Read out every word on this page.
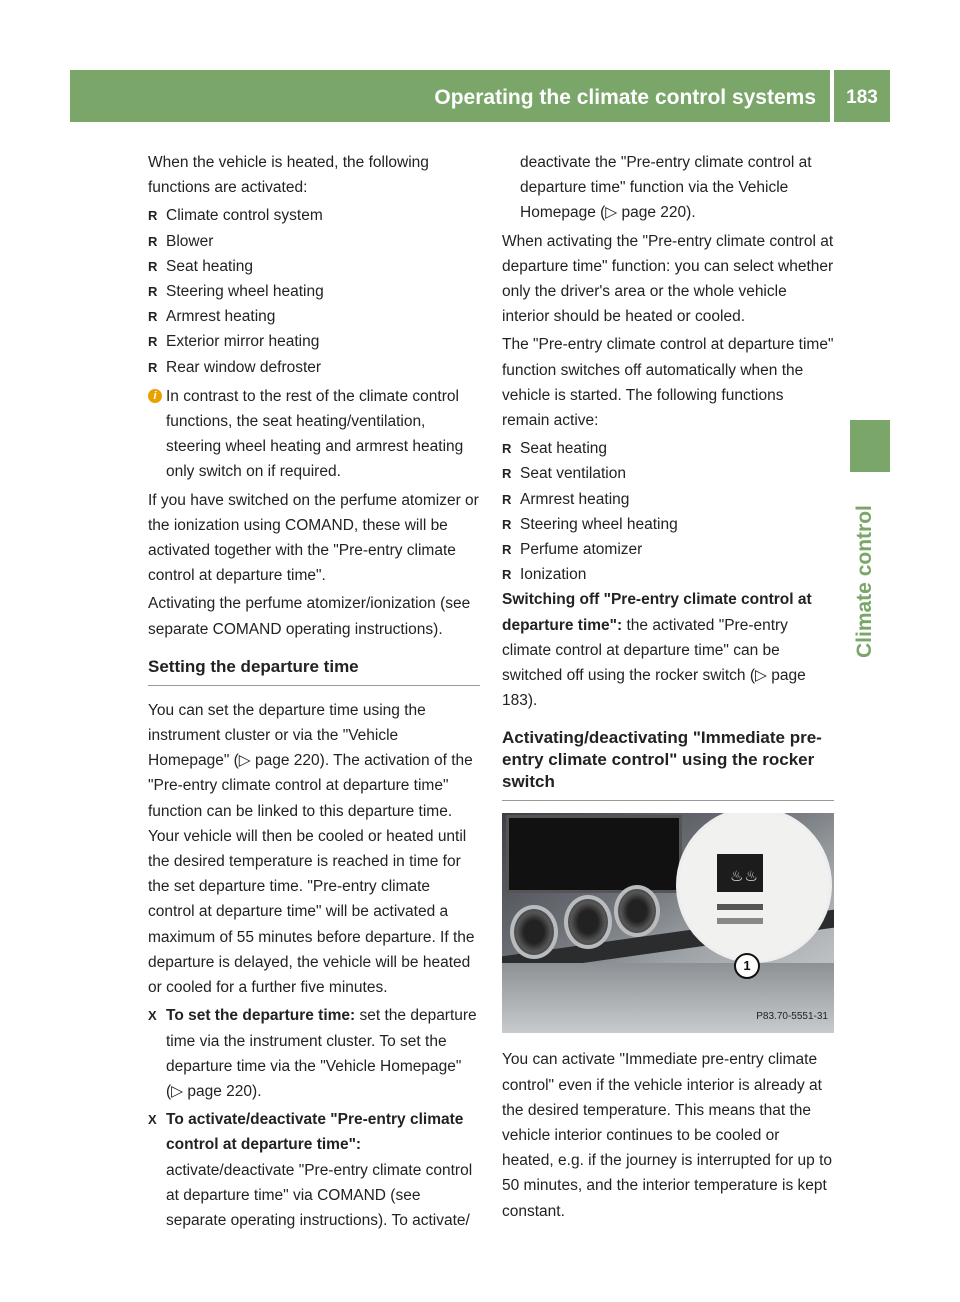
Operating the climate control systems	183
Climate control

When the vehicle is heated, the following functions are activated:

R Climate control system
R Blower
R Seat heating
R Steering wheel heating
R Armrest heating
R Exterior mirror heating
R Rear window defroster
i In contrast to the rest of the climate control functions, the seat heating/ventilation, steering wheel heating and armrest heating only switch on if required.

If you have switched on the perfume atomizer or the ionization using COMAND, these will be activated together with the "Pre-entry climate control at departure time".

Activating the perfume atomizer/ionization (see separate COMAND operating instructions).

Setting the departure time

You can set the departure time using the instrument cluster or via the "Vehicle Homepage" (▷ page 220). The activation of the "Pre-entry climate control at departure time" function can be linked to this departure time. Your vehicle will then be cooled or heated until the desired temperature is reached in time for the set departure time. "Pre-entry climate control at departure time" will be activated a maximum of 55 minutes before departure. If the departure is delayed, the vehicle will be heated or cooled for a further five minutes.

X To set the departure time: set the departure time via the instrument cluster. To set the departure time via the "Vehicle Homepage" (▷ page 220).
X To activate/deactivate "Pre-entry climate control at departure time": activate/deactivate "Pre-entry climate control at departure time" via COMAND (see separate operating instructions). To activate/

deactivate the "Pre-entry climate control at departure time" function via the Vehicle Homepage (▷ page 220).

When activating the "Pre-entry climate control at departure time" function: you can select whether only the driver's area or the whole vehicle interior should be heated or cooled.

The "Pre-entry climate control at departure time" function switches off automatically when the vehicle is started. The following functions remain active:

R Seat heating
R Seat ventilation
R Armrest heating
R Steering wheel heating
R Perfume atomizer
R Ionization

Switching off "Pre-entry climate control at departure time": the activated "Pre-entry climate control at departure time" can be switched off using the rocker switch (▷ page 183).

Activating/deactivating "Immediate pre-entry climate control" using the rocker switch
♨♨
1
P83.70-5551-31

You can activate "Immediate pre-entry climate control" even if the vehicle interior is already at the desired temperature. This means that the vehicle interior continues to be cooled or heated, e.g. if the journey is interrupted for up to 50 minutes, and the interior temperature is kept constant.
